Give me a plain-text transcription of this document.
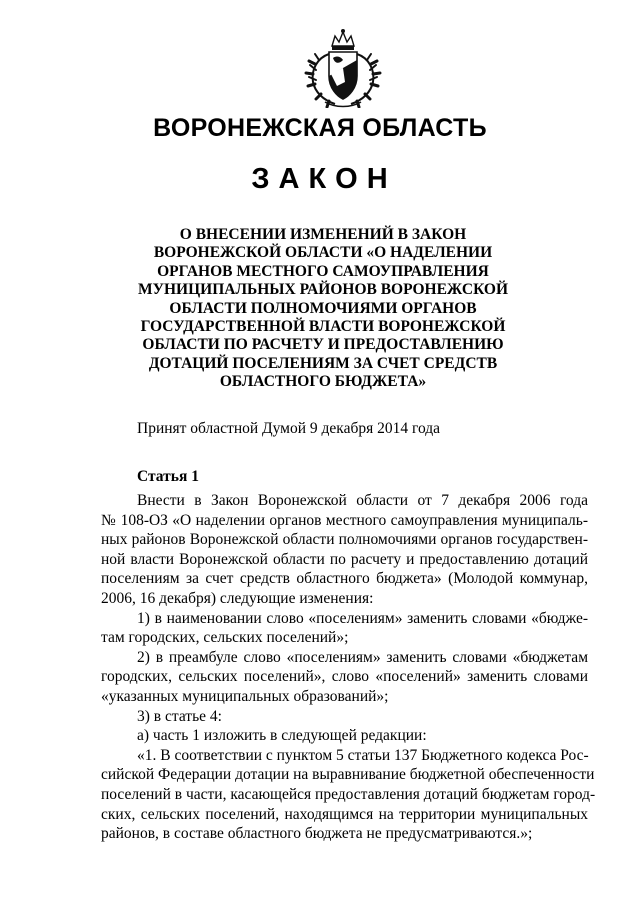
ВОРОНЕЖСКАЯ ОБЛАСТЬ
ЗАКОН
О ВНЕСЕНИИ ИЗМЕНЕНИЙ В ЗАКОН
ВОРОНЕЖСКОЙ ОБЛАСТИ «О НАДЕЛЕНИИ
ОРГАНОВ МЕСТНОГО САМОУПРАВЛЕНИЯ
МУНИЦИПАЛЬНЫХ РАЙОНОВ ВОРОНЕЖСКОЙ
ОБЛАСТИ ПОЛНОМОЧИЯМИ ОРГАНОВ
ГОСУДАРСТВЕННОЙ ВЛАСТИ ВОРОНЕЖСКОЙ
ОБЛАСТИ ПО РАСЧЕТУ И ПРЕДОСТАВЛЕНИЮ
ДОТАЦИЙ ПОСЕЛЕНИЯМ ЗА СЧЕТ СРЕДСТВ
ОБЛАСТНОГО БЮДЖЕТА»
Принят областной Думой 9 декабря 2014 года
Статья 1
Внести в Закон Воронежской области от 7 декабря 2006 года
№ 108-ОЗ «О наделении органов местного самоуправления муниципаль-
ных районов Воронежской области полномочиями органов государствен-
ной власти Воронежской области по расчету и предоставлению дотаций
поселениям за счет средств областного бюджета» (Молодой коммунар,
2006, 16 декабря) следующие изменения:
1) в наименовании слово «поселениям» заменить словами «бюдже-
там городских, сельских поселений»;
2) в преамбуле слово «поселениям» заменить словами «бюджетам
городских, сельских поселений», слово «поселений» заменить словами
«указанных муниципальных образований»;
3) в статье 4:
а) часть 1 изложить в следующей редакции:
«1. В соответствии с пунктом 5 статьи 137 Бюджетного кодекса Рос-
сийской Федерации дотации на выравнивание бюджетной обеспеченности
поселений в части, касающейся предоставления дотаций бюджетам город-
ских, сельских поселений, находящимся на территории муниципальных
районов, в составе областного бюджета не предусматриваются.»;
